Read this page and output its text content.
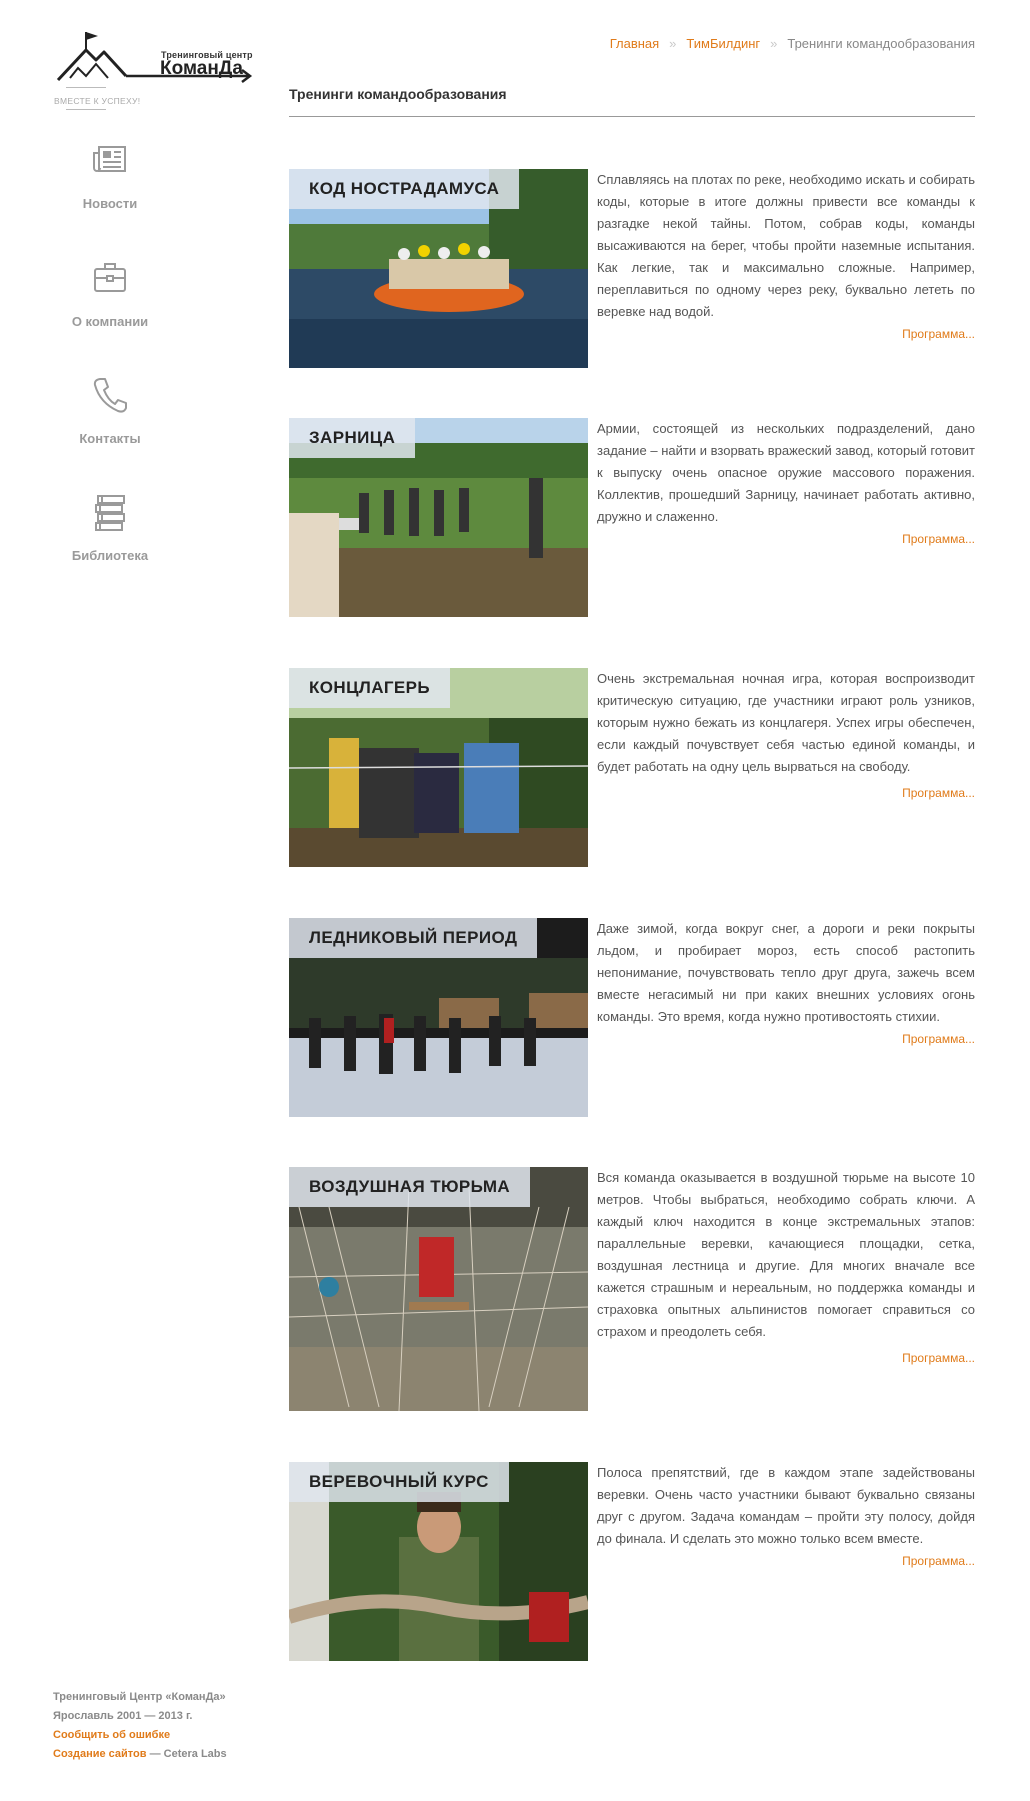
Тренинговый центр
КоманДа
ВМЕСТЕ К УСПЕХУ!
Новости
О компании
Контакты
Библиотека
Тренинговый Центр «КоманДа»
Ярославль 2001 — 2013 г.
Сообщить об ошибке
Создание сайтов — Cetera Labs
Главная » ТимБилдинг » Тренинги командообразования
Тренинги командообразования
КОД НОСТРАДАМУСА	Сплавляясь на плотах по реке, необходимо искать и собирать коды, которые в итоге должны привести все команды к разгадке некой тайны. Потом, собрав коды, команды высаживаются на берег, чтобы пройти наземные испытания. Как легкие, так и максимально сложные. Например, переплавиться по одному через реку, буквально лететь по веревке над водой.

Программа...
ЗАРНИЦА	Армии, состоящей из нескольких подразделений, дано задание – найти и взорвать вражеский завод, который готовит к выпуску очень опасное оружие массового поражения. Коллектив, прошедший Зарницу, начинает работать активно, дружно и слаженно.

Программа...
КОНЦЛАГЕРЬ	Очень экстремальная ночная игра, которая воспроизводит критическую ситуацию, где участники играют роль узников, которым нужно бежать из концлагеря. Успех игры обеспечен, если каждый почувствует себя частью единой команды, и будет работать на одну цель вырваться на свободу.

Программа...
ЛЕДНИКОВЫЙ ПЕРИОД	Даже зимой, когда вокруг снег, а дороги и реки покрыты льдом, и пробирает мороз, есть способ растопить непонимание, почувствовать тепло друг друга, зажечь всем вместе негасимый ни при каких внешних условиях огонь команды. Это время, когда нужно противостоять стихии.

Программа...
ВОЗДУШНАЯ ТЮРЬМА	Вся команда оказывается в воздушной тюрьме на высоте 10 метров. Чтобы выбраться, необходимо собрать ключи. А каждый ключ находится в конце экстремальных этапов: параллельные веревки, качающиеся площадки, сетка, воздушная лестница и другие. Для многих вначале все кажется страшным и нереальным, но поддержка команды и страховка опытных альпинистов помогает справиться со страхом и преодолеть себя.

Программа...
ВЕРЕВОЧНЫЙ КУРС	Полоса препятствий, где в каждом этапе задействованы веревки. Очень часто участники бывают буквально связаны друг с другом. Задача командам – пройти эту полосу, дойдя до финала. И сделать это можно только всем вместе.

Программа...
